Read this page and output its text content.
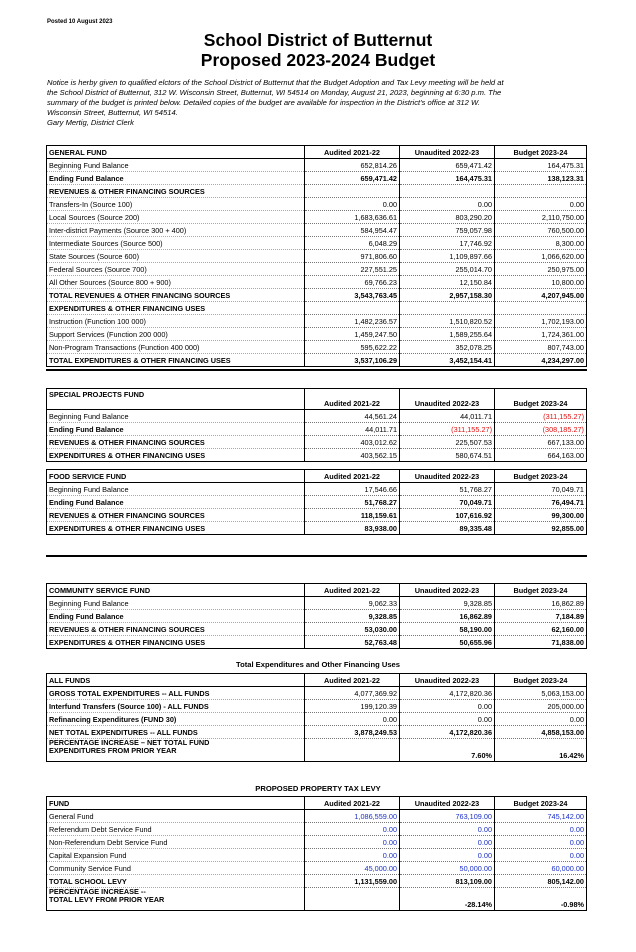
Posted 10 August 2023
School District of Butternut
Proposed 2023-2024 Budget
Notice is herby given to qualified elctors of the School District of Butternut that the Budget Adoption and Tax Levy meeting will be held at
the School District of Butternut, 312 W. Wisconsin Street, Butternut, WI 54514 on Monday, August 21, 2023, beginning at 6:30 p.m. The
summary of the budget is printed below. Detailed copies of the budget are available for inspection in the District's office at 312 W.
Wisconsin Street, Butternut, WI 54514.
Gary Mertig, District Clerk
GENERAL FUND	Audited 2021-22	Unaudited 2022-23	Budget 2023-24
Beginning Fund Balance	652,814.26	659,471.42	164,475.31
Ending Fund Balance	659,471.42	164,475.31	138,123.31
REVENUES & OTHER FINANCING SOURCES			
Transfers-In (Source 100)	0.00	0.00	0.00
Local Sources (Source 200)	1,683,636.61	803,290.20	2,110,750.00
Inter-district Payments (Source 300 + 400)	584,954.47	759,057.98	760,500.00
Intermediate Sources (Source 500)	6,048.29	17,746.92	8,300.00
State Sources (Source 600)	971,806.60	1,109,897.66	1,066,620.00
Federal Sources (Source 700)	227,551.25	255,014.70	250,975.00
All Other Sources (Source 800 + 900)	69,766.23	12,150.84	10,800.00
TOTAL REVENUES & OTHER FINANCING SOURCES	3,543,763.45	2,957,158.30	4,207,945.00
EXPENDITURES & OTHER FINANCING USES			
Instruction (Function 100 000)	1,482,236.57	1,510,820.52	1,702,193.00
Support Services (Function 200 000)	1,459,247.50	1,589,255.64	1,724,361.00
Non-Program Transactions (Function 400 000)	595,622.22	352,078.25	807,743.00
TOTAL EXPENDITURES & OTHER FINANCING USES	3,537,106.29	3,452,154.41	4,234,297.00
SPECIAL PROJECTS FUND	Audited 2021-22	Unaudited 2022-23	Budget 2023-24
Beginning Fund Balance	44,561.24	44,011.71	(311,155.27)
Ending Fund Balance	44,011.71	(311,155.27)	(308,185.27)
REVENUES & OTHER FINANCING SOURCES	403,012.62	225,507.53	667,133.00
EXPENDITURES & OTHER FINANCING USES	403,562.15	580,674.51	664,163.00
FOOD SERVICE FUND	Audited 2021-22	Unaudited 2022-23	Budget 2023-24
Beginning Fund Balance	17,546.66	51,768.27	70,049.71
Ending Fund Balance	51,768.27	70,049.71	76,494.71
REVENUES & OTHER FINANCING SOURCES	118,159.61	107,616.92	99,300.00
EXPENDITURES & OTHER FINANCING USES	83,938.00	89,335.48	92,855.00
COMMUNITY SERVICE FUND	Audited 2021-22	Unaudited 2022-23	Budget 2023-24
Beginning Fund Balance	9,062.33	9,328.85	16,862.89
Ending Fund Balance	9,328.85	16,862.89	7,184.89
REVENUES & OTHER FINANCING SOURCES	53,030.00	58,190.00	62,160.00
EXPENDITURES & OTHER FINANCING USES	52,763.48	50,655.96	71,838.00
Total Expenditures and Other Financing Uses
ALL FUNDS	Audited 2021-22	Unaudited 2022-23	Budget 2023-24
GROSS TOTAL EXPENDITURES -- ALL FUNDS	4,077,369.92	4,172,820.36	5,063,153.00
Interfund Transfers (Source 100) - ALL FUNDS	199,120.39	0.00	205,000.00
Refinancing Expenditures (FUND 30)	0.00	0.00	0.00
NET TOTAL EXPENDITURES -- ALL FUNDS	3,878,249.53	4,172,820.36	4,858,153.00
PERCENTAGE INCREASE – NET TOTAL FUND
EXPENDITURES FROM PRIOR YEAR		7.60%	16.42%
PROPOSED PROPERTY TAX LEVY
FUND	Audited 2021-22	Unaudited 2022-23	Budget 2023-24
General Fund	1,086,559.00	763,109.00	745,142.00
Referendum Debt Service Fund	0.00	0.00	0.00
Non-Referendum Debt Service Fund	0.00	0.00	0.00
Capital Expansion Fund	0.00	0.00	0.00
Community Service Fund	45,000.00	50,000.00	60,000.00
TOTAL SCHOOL LEVY	1,131,559.00	813,109.00	805,142.00
PERCENTAGE INCREASE --
TOTAL LEVY FROM PRIOR YEAR		-28.14%	-0.98%
